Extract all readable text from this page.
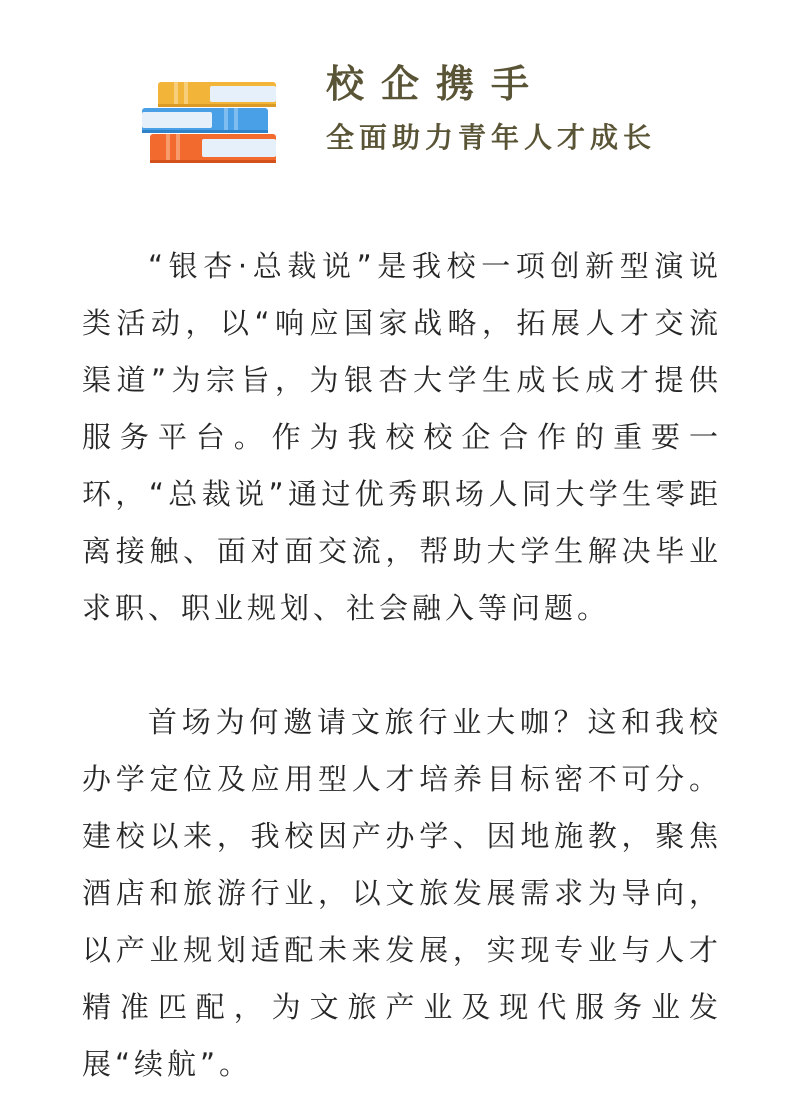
校企携手
全面助力青年人才成长

“银杏·总裁说”是我校一项创新型演说类活动，以“响应国家战略，拓展人才交流渠道”为宗旨，为银杏大学生成长成才提供服务平台。作为我校校企合作的重要一环，“总裁说”通过优秀职场人同大学生零距离接触、面对面交流，帮助大学生解决毕业求职、职业规划、社会融入等问题。

首场为何邀请文旅行业大咖？这和我校办学定位及应用型人才培养目标密不可分。建校以来，我校因产办学、因地施教，聚焦酒店和旅游行业，以文旅发展需求为导向，以产业规划适配未来发展，实现专业与人才精准匹配，为文旅产业及现代服务业发展“续航”。
